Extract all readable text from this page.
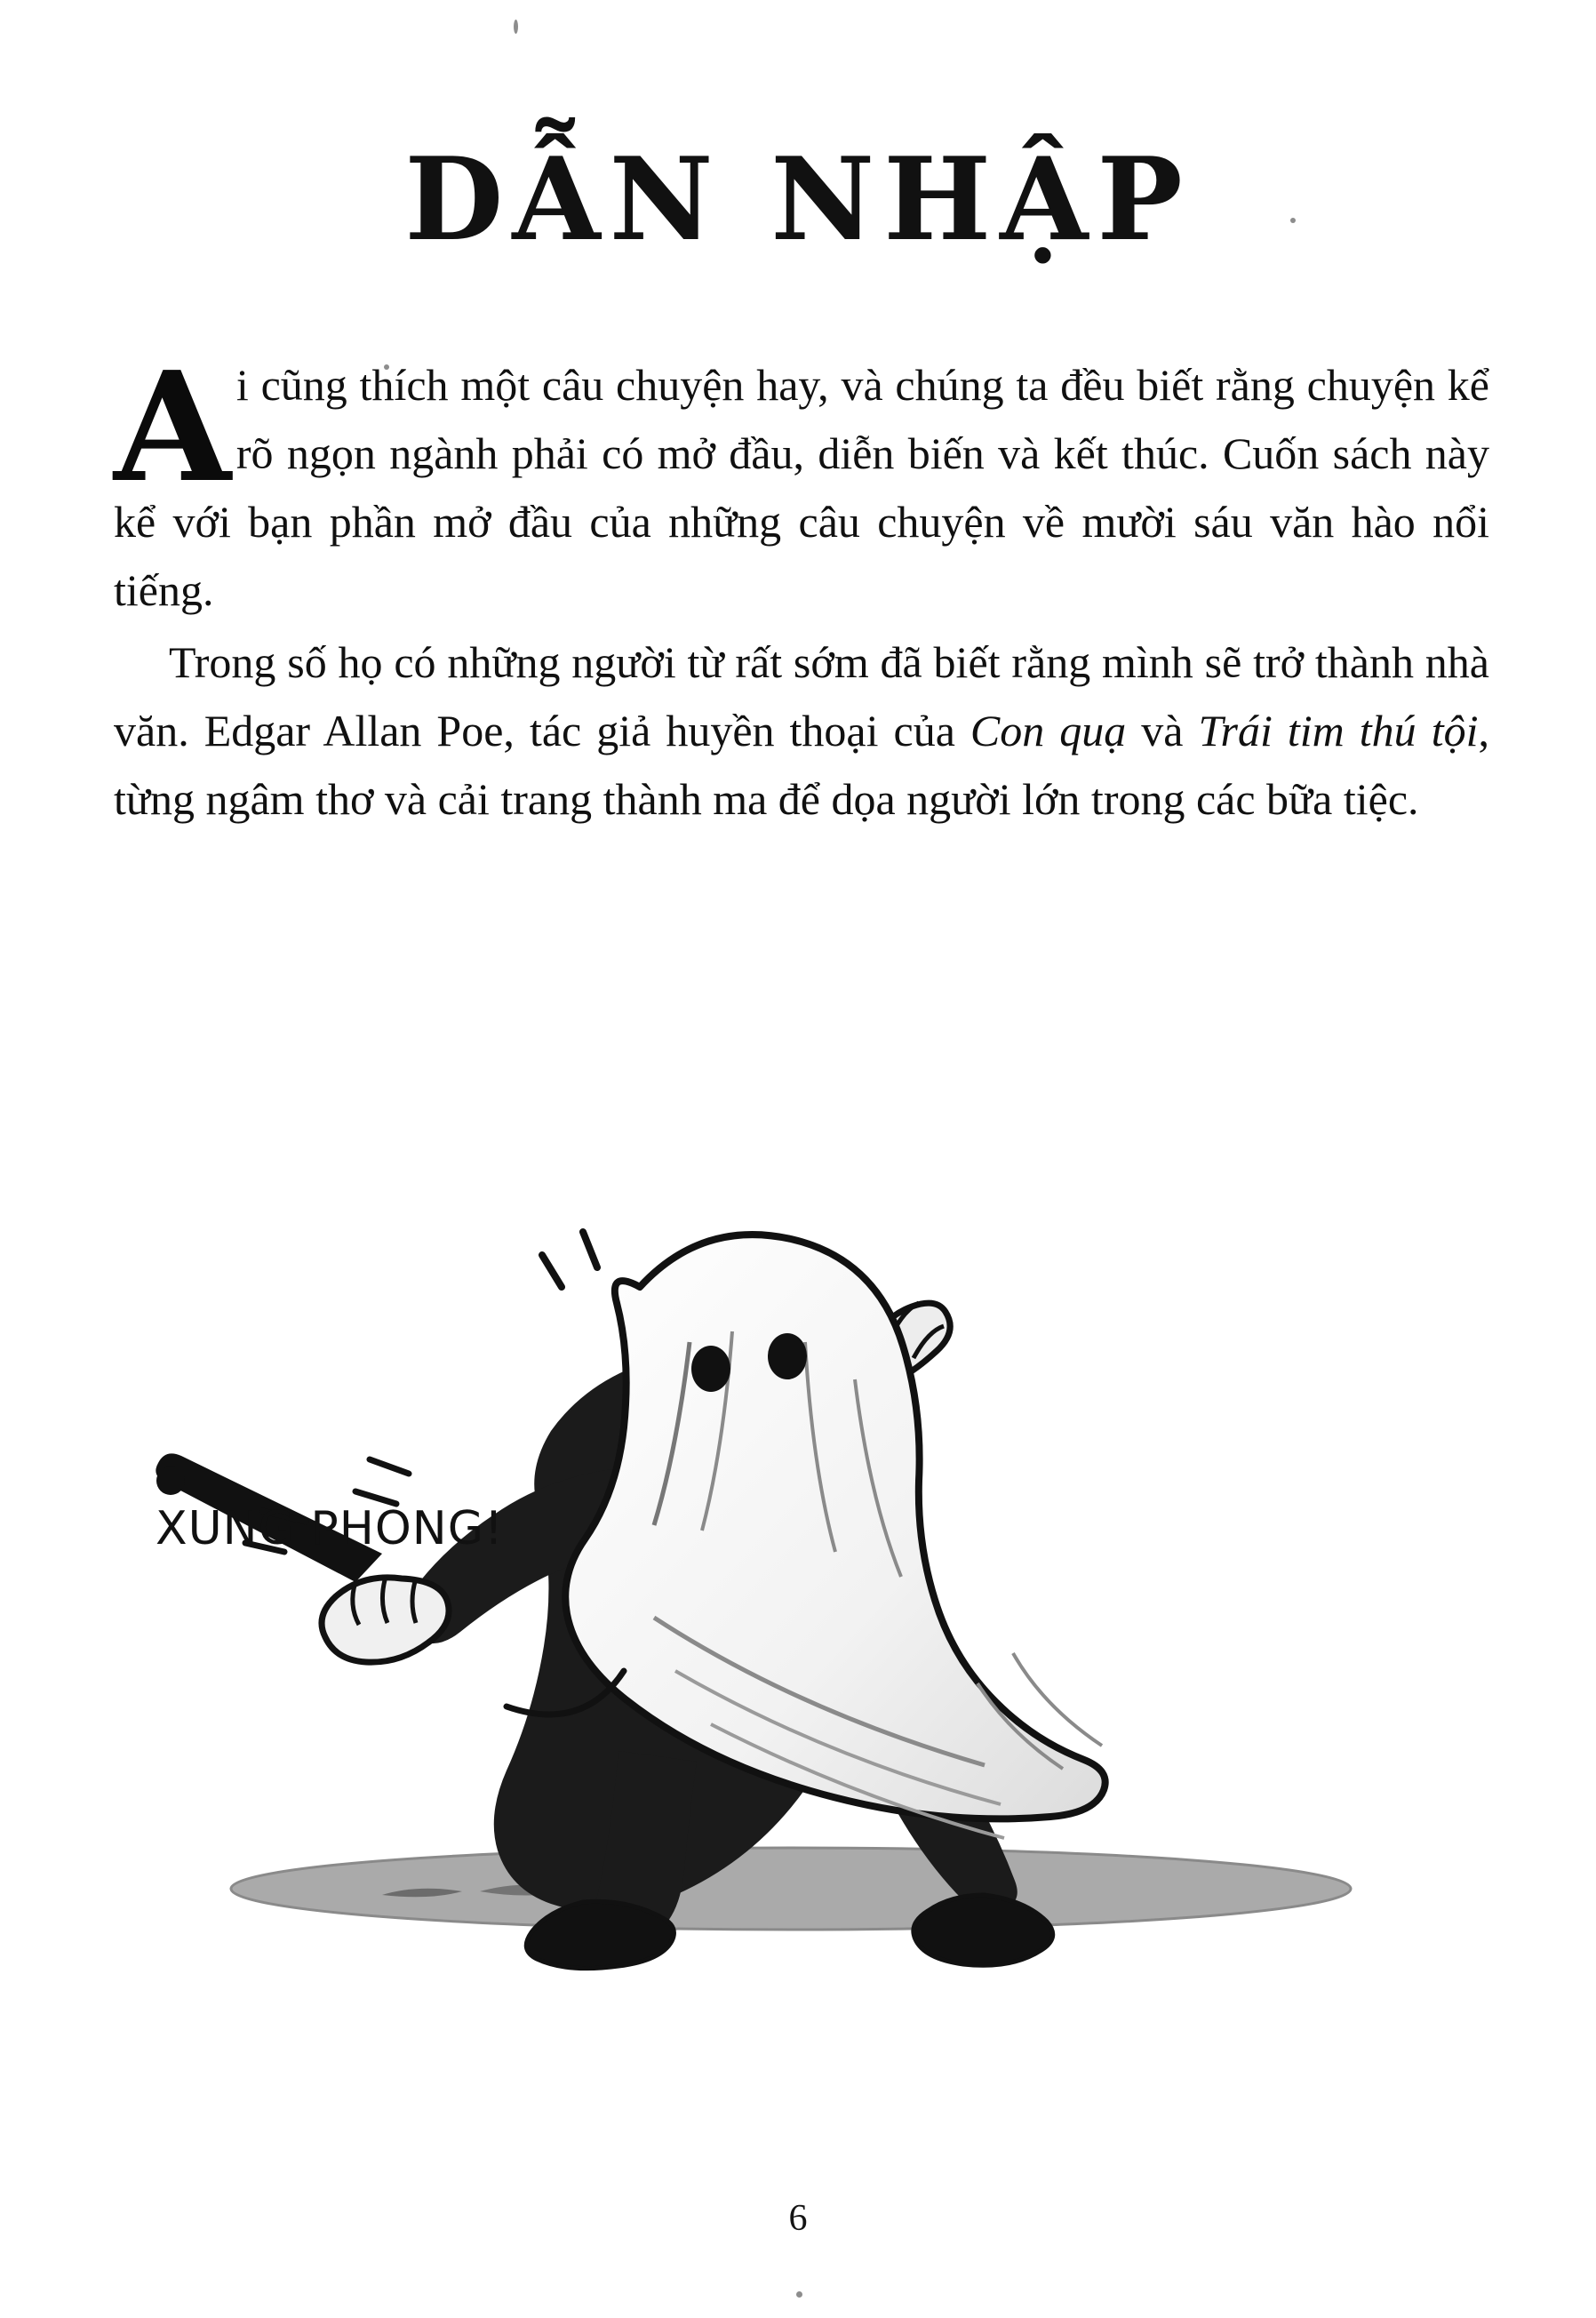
DẪN NHẬP

Ai cũng thích một câu chuyện hay, và chúng ta đều biết rằng chuyện kể rõ ngọn ngành phải có mở đầu, diễn biến và kết thúc. Cuốn sách này kể với bạn phần mở đầu của những câu chuyện về mười sáu văn hào nổi tiếng.

Trong số họ có những người từ rất sớm đã biết rằng mình sẽ trở thành nhà văn. Edgar Allan Poe, tác giả huyền thoại của Con quạ và Trái tim thú tội, từng ngâm thơ và cải trang thành ma để dọa người lớn trong các bữa tiệc.

XUNG PHONG!
6
